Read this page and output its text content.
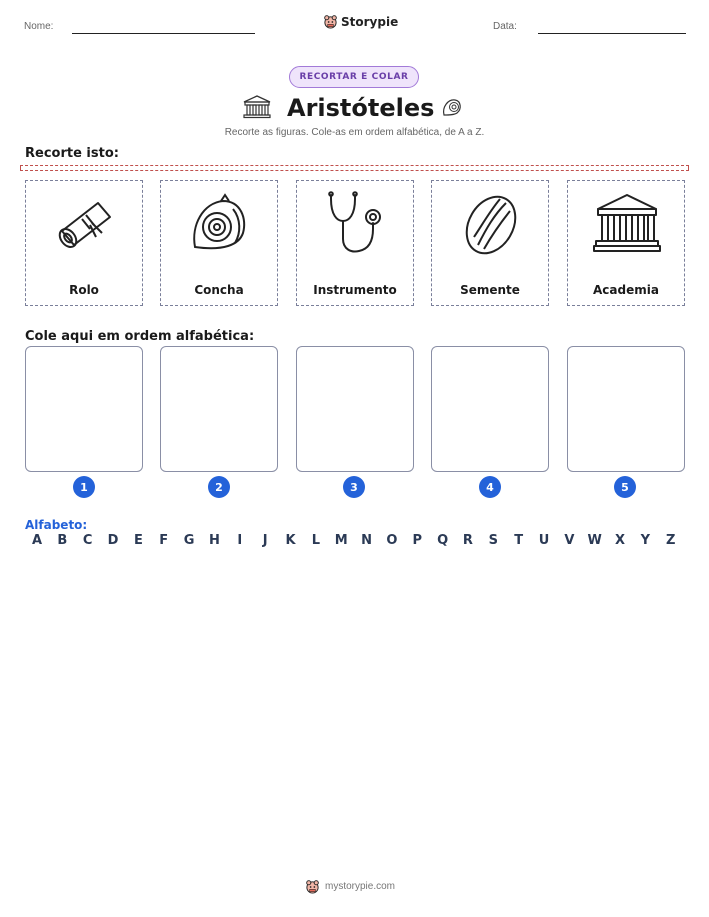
Nome:	Storypie	Data:
RECORTAR E COLAR
Aristóteles
Recorte as figuras. Cole-as em ordem alfabética, de A a Z.
Recorte isto:
Rolo	Concha	Instrumento	Semente	Academia
Cole aqui em ordem alfabética:
1	2	3	4	5
Alfabeto:
A	B	C	D	E	F	G	H	I	J	K	L	M	N	O	P	Q	R	S	T	U	V	W	X	Y	Z
mystorypie.com
